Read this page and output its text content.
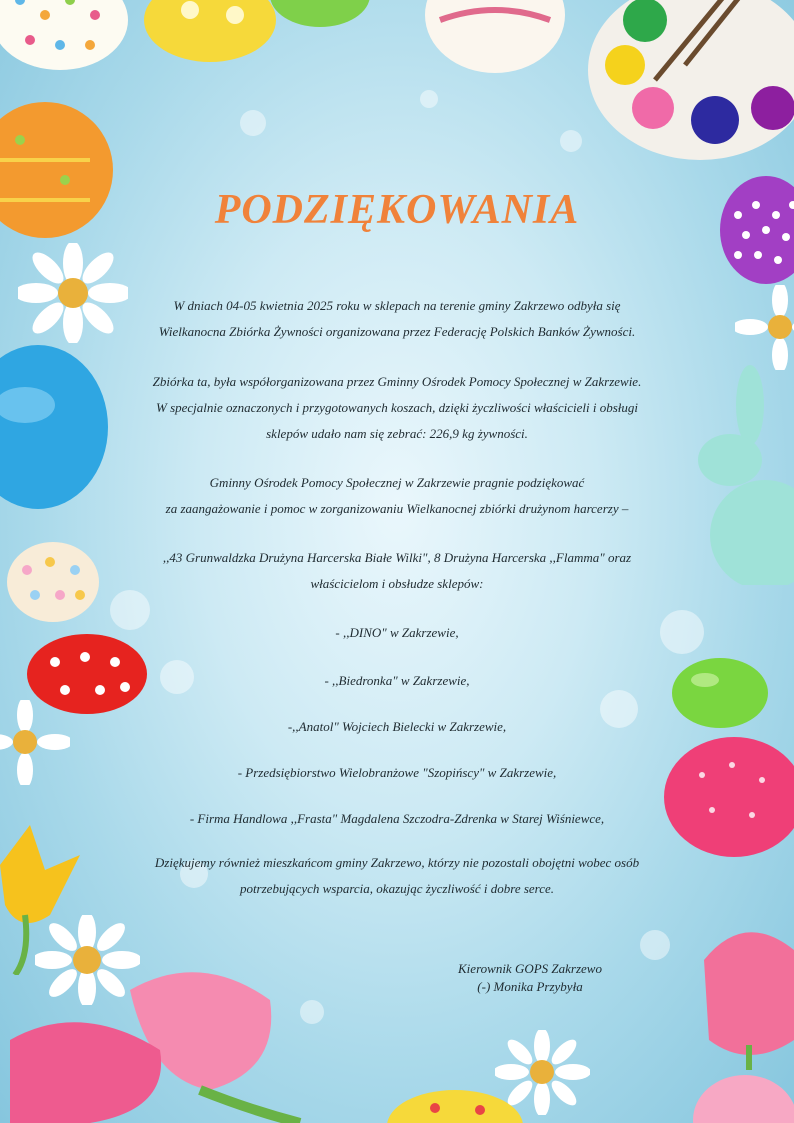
PODZIĘKOWANIA

W dniach 04-05 kwietnia 2025 roku w sklepach na terenie gminy Zakrzewo odbyła się

Wielkanocna Zbiórka Żywności organizowana przez Federację Polskich Banków Żywności.

Zbiórka ta, była współorganizowana przez Gminny Ośrodek Pomocy Społecznej w Zakrzewie.

W specjalnie oznaczonych i przygotowanych koszach, dzięki życzliwości właścicieli i obsługi

sklepów udało nam się zebrać: 226,9 kg żywności.

Gminny Ośrodek Pomocy Społecznej w Zakrzewie pragnie podziękować

za zaangażowanie i pomoc w zorganizowaniu Wielkanocnej zbiórki drużynom harcerzy –

,,43 Grunwaldzka Drużyna Harcerska Białe Wilki", 8 Drużyna Harcerska ,,Flamma" oraz

właścicielom i obsłudze sklepów:

- ,,DINO" w Zakrzewie,

- ,,Biedronka" w Zakrzewie,

-,,Anatol" Wojciech Bielecki w Zakrzewie,

- Przedsiębiorstwo Wielobranżowe "Szopińscy" w Zakrzewie,

- Firma Handlowa ,,Frasta" Magdalena Szczodra-Zdrenka w Starej Wiśniewce,

Dziękujemy również mieszkańcom gminy Zakrzewo, którzy nie pozostali obojętni wobec osób

potrzebujących wsparcia, okazując życzliwość i dobre serce.

Kierownik GOPS Zakrzewo
(-) Monika Przybyła
